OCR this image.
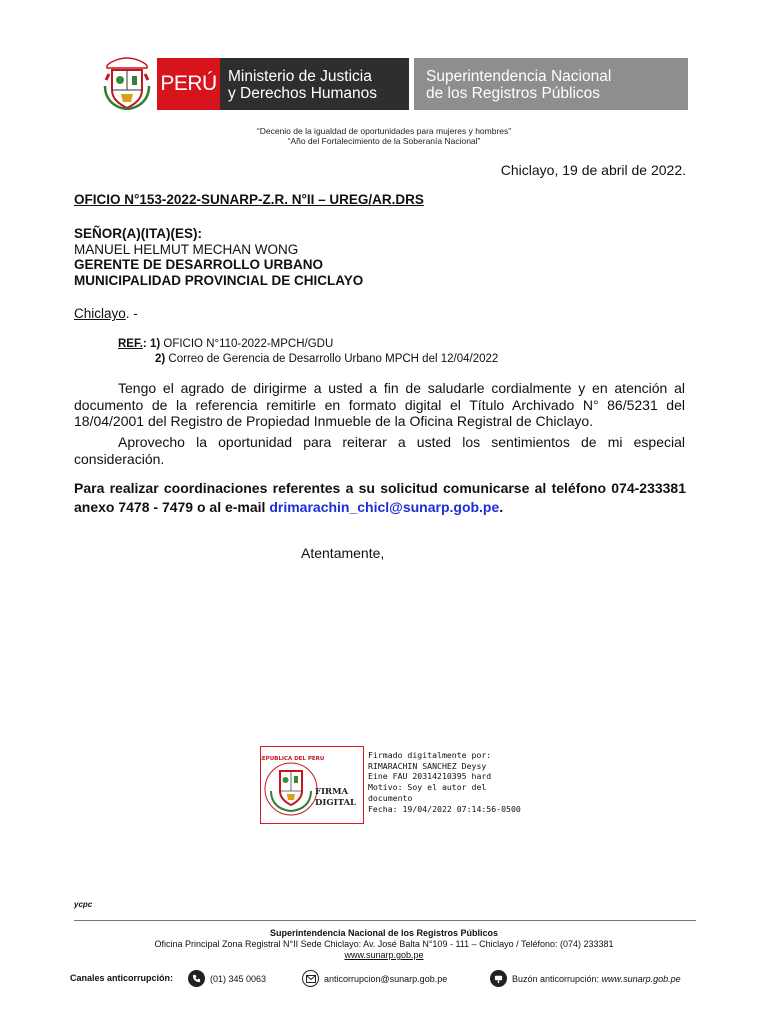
PERÚ Ministerio de Justicia
y Derechos Humanos
Superintendencia Nacional
de los Registros Públicos
“Decenio de la igualdad de oportunidades para mujeres y hombres”
“Año del Fortalecimiento de la Soberanía Nacional”
Chiclayo, 19 de abril de 2022.
OFICIO N°153-2022-SUNARP-Z.R. N°II – UREG/AR.DRS
SEÑOR(A)(ITA)(ES):
MANUEL HELMUT MECHAN WONG
GERENTE DE DESARROLLO URBANO
MUNICIPALIDAD PROVINCIAL DE CHICLAYO
Chiclayo. -
REF.: 1) OFICIO N°110-2022-MPCH/GDU
2) Correo de Gerencia de Desarrollo Urbano MPCH del 12/04/2022
Tengo el agrado de dirigirme a usted a fin de saludarle cordialmente y en atención al documento de la referencia remitirle en formato digital el Título Archivado N° 86/5231 del 18/04/2001 del Registro de Propiedad Inmueble de la Oficina Registral de Chiclayo.
Aprovecho la oportunidad para reiterar a usted los sentimientos de mi especial consideración.
Para realizar coordinaciones referentes a su solicitud comunicarse al teléfono 074-233381 anexo 7478 - 7479 o al e-mail drimarachin_chicl@sunarp.gob.pe.
Atentamente,
REPUBLICA DEL PERU
FIRMA
DIGITAL
Firmado digitalmente por:
RIMARACHIN SANCHEZ Deysy
Eine FAU 20314210395 hard
Motivo: Soy el autor del
documento
Fecha: 19/04/2022 07:14:56-0500
ycpc
Superintendencia Nacional de los Registros Públicos
Oficina Principal Zona Registral N°II Sede Chiclayo: Av. José Balta N°109 - 111 – Chiclayo / Teléfono: (074) 233381
www.sunarp.gob.pe
Canales anticorrupción:	(01) 345 0063	anticorrupcion@sunarp.gob.pe	Buzón anticorrupción: www.sunarp.gob.pe
